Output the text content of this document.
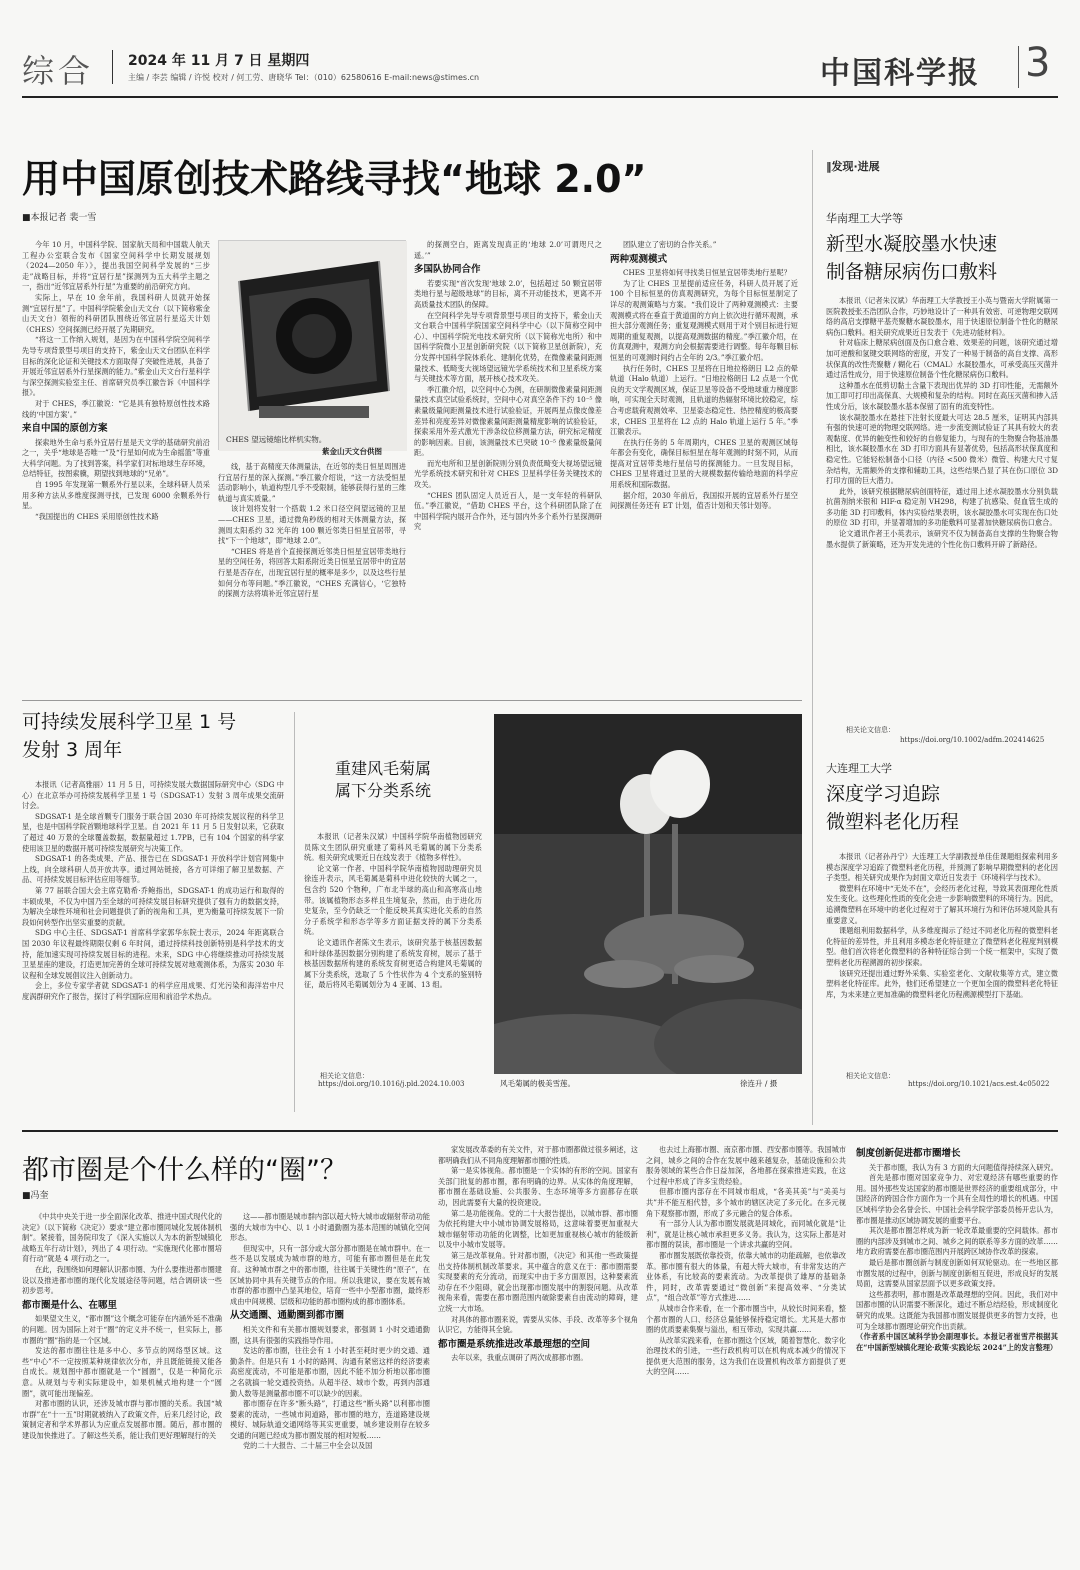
综合 2024 年 11 月 7 日 星期四
主编 / 李芸 编辑 / 许悦 校对 / 何工劳、唐晓华 Tel：（010）62580616 E-mail:news@stimes.cn	中国科学报 3
用中国原创技术路线寻找“地球 2.0”
■本报记者 裴一雪

今年 10 月，中国科学院、国家航天局和中国载人航天工程办公室联合发布《国家空间科学中长期发展规划（2024—2050 年）》，提出我国空间科学发展的“三步走”战略目标，并将“宜居行星”探测列为五大科学主题之一，指出“近邻宜居系外行星”为重要的前沿研究方向。

实际上，早在 10 余年前，我国科研人员就开始探测“宜居行星”了。中国科学院紫金山天文台（以下简称紫金山天文台）领衔的科研团队围绕近邻宜居行星巡天计划（CHES）空间探测已经开展了先期研究。

“将这一工作纳入规划，是因为在中国科学院空间科学先导专项背景型号项目的支持下，紫金山天文台团队在科学目标的深化论证和关键技术方面取得了突破性进展，具备了开展近邻宜居系外行星探测的能力。”紫金山天文台行星科学与深空探测实验室主任、首席研究员季江徽告诉《中国科学报》。

对于 CHES，季江徽说：“它是具有独特原创性技术路线的‘中国方案’。”

来自中国的原创方案

探索地外生命与系外宜居行星是天文学的基础研究前沿之一，关乎“地球是否唯一”及“行星如何成为生命摇篮”等重大科学问题。为了找到答案，科学家们对标地球生存环境，总结特征，按图索骥，期望找到地球的“兄弟”。

自 1995 年发现第一颗系外行星以来，全球科研人员采用多种方法从多维度探测寻找，已发现 6000 余颗系外行星。

“我国提出的 CHES 采用原创性技术路

CHES 望远镜缩比样机实物。
紫金山天文台供图

线，基于高精度天体测量法，在近邻的类日恒星周围进行宜居行星的深入探测。”季江徽介绍说，“这一方法受恒星活动影响小，轨道构型几乎不受限制，能够获得行星的三维轨道与真实质量。”

该计划将发射一个搭载 1.2 米口径空间望远镜的卫星——CHES 卫星，通过微角秒级的相对天体测量方法，探测周太阳系约 32 光年的 100 颗近邻类日恒星宜居带，寻找“下一个地球”，即“地球 2.0”。

“CHES 将是首个直接探测近邻类日恒星宜居带类地行星的空间任务，将回答太阳系附近类日恒星宜居带中的宜居行星是否存在，出现宜居行星的概率是多少，以及这些行星如何分布等问题。”季江徽说，“CHES 充满信心，‘它独特的探测方法将填补近邻宜居行星

的探测空白，距离发现真正的‘地球 2.0’可谓咫尺之遥。’”

多国队协同合作

若要实现“首次发现‘地球 2.0’，包括超过 50 颗宜居带类地行星与超级地球”的目标，离不开动能技术，更离不开高质量技术团队的保障。

在空间科学先导专项背景型号项目的支持下，紫金山天文台联合中国科学院国家空间科学中心（以下简称空间中心）、中国科学院光电技术研究所（以下简称光电所）和中国科学院微小卫星创新研究院（以下简称卫星创新院），充分发挥中国科学院体系化、建制化优势，在微像素量间距测量技术、低畸变大视场望远镜光学系统技术和卫星系统方案与关键技术等方面，展开核心技术攻关。

季江徽介绍，以空间中心为例，在研制微像素量间距测量技术真空试验系统时，空间中心对真空条件下约 10⁻⁵ 像素量级量间距测量技术进行试验验证，开展两星点像皮像差差异和亮度差异对微像素量间距测量精度影响的试验验证，探索采用外差式激光干涉条纹位移测量方法，研究标定精度的影响因素。目前，该测量技术已突破 10⁻⁵ 像素量级量间距。

而光电所和卫星创新院则分别负责低畸变大视场望远镜光学系统技术研究和针对 CHES 卫星科学任务关键技术的攻关。

“CHES 团队固定人员近百人，是一支年轻的科研队伍。”季江徽说，“借助 CHES 平台，这个科研团队除了在中国科学院内展开合作外，还与国内外多个系外行星探测研究

团队建立了密切的合作关系。”

两种观测模式

CHES 卫星将如何寻找类日恒星宜居带类地行星呢？

为了让 CHES 卫星提前适应任务，科研人员开展了近 100 个目标恒星的仿真观测研究，为每个目标恒星制定了详尽的观测策略与方案。“我们设计了两种观测模式：主要观测模式将在垂直于黄道面的方向上依次进行循环观测，承担大部分观测任务；重复观测模式则用于对个别目标进行短周期的重复观测，以提高观测数据的精度。”季江徽介绍，在仿真观测中，观测方向会根据需要进行调整。每年每颗目标恒星的可观测时间约占全年的 2/3。”季江徽介绍。

执行任务时，CHES 卫星将在日地拉格朗日 L2 点的晕轨道（Halo 轨道）上运行。“日地拉格朗日 L2 点是一个优良的天文学观测区域，保证卫星等设备不受地球重力梯度影响，可实现全天时观测，且轨道的热辐射环境比较稳定，综合考虑载荷观测效率、卫星姿态稳定性、热控精度的极高要求，CHES 卫星将在 L2 点的 Halo 轨道上运行 5 年。”季江徽表示。

在执行任务的 5 年周期内，CHES 卫星的观测区域每年都会有变化，确保目标恒星在每年观测的时刻不同，从而提高对宜居带类地行星信号的探测能力。一旦发现目标，CHES 卫星将通过卫星的大规模数据传输给地面的科学应用系统和国际数据。

据介绍，2030 年前后，我国拟开展的宜居系外行星空间探测任务还有 ET 计划，值否计划和天邻计划等。

‖发现·进展
华南理工大学等
新型水凝胶墨水快速
制备糖尿病伤口敷料

本报讯（记者朱汉斌）华南理工大学教授王小英与暨南大学附属第一医院教授张丕浩团队合作，巧妙地设计了一种具有效密、可逆物理交联网络的高启支撑糖平基壳聚糖水凝胶墨水，用于快速原位制备个性化的糖尿病伤口敷料。相关研究成果近日发表于《先进功能材料》。

针对临床上糖尿病创面及伤口愈合难、效果差的问题，该研究通过增加可逆酸和氢键交联网络的密度，开发了一种易于制备的高自支撑、高形状保真的改性壳聚糖 / 糊化石（CMAL）水凝胶墨水，可承受高压灭菌并通过活性成分，用于快速原位制备个性化糖尿病伤口敷料。

这种墨水在低剪切黏土含量下表现出优异的 3D 打印性能，无需额外加工即可打印出高保真、大规模和复杂的结构。同时在高压灭菌和掺入活性成分后，该水凝胶墨水基本保留了固有的流变特性。

该水凝胶墨水在悬挂下注射长度最大可达 28.5 厘米，证明其内部具有强的快速可逆的物理交联网络。进一步流变测试验证了其具有较大的表观黏度、优异的触变性和较好的自修复能力，与现有的生物聚合物基油墨相比，该水凝胶墨水在 3D 打印方面具有显著优势，包括高形状保真度和稳定性。它能轻松制备小口径（内径 <500 微米）微管、构建大尺寸复杂结构，无需额外的支撑和辅助工具，这些结果凸显了其在伤口原位 3D 打印方面的巨大潜力。

此外，该研究根据糖尿病创面特征，通过用上述水凝胶墨水分别负载抗菌剂纳米银和 HIF-α 稳定剂 VH298，构建了抗感染、促血管生成的多功能 3D 打印敷料，体内实验结果表明，该水凝胶墨水可实现在伤口处的原位 3D 打印，并显著增加的多功能敷料可显著加快糖尿病伤口愈合。

论文通讯作者王小英表示，该研究不仅为制备高自支撑的生物聚合物墨水提供了新策略，还为开发先进的个性化伤口敷料开辟了新路径。

相关论文信息：
https://doi.org/10.1002/adfm.202414625
大连理工大学
深度学习追踪
微塑料老化历程

本报讯（记者孙丹宁）大连理工大学副教授单佳佳课题组探索利用多模态深度学习追踪了微塑料老化历程，并预测了影响早期微塑料的老化因子类型。相关研究成果作为封面文章近日发表于《环境科学与技术》。

微塑料在环境中“无处不在”，会经历老化过程，导致其表面理化性质发生变化。这些理化性质的变化会进一步影响微塑料的环境行为。因此，追溯微塑料在环境中的老化过程对于了解其环境行为和评估环境风险具有重要意义。

课题组利用数据科学，从多维度揭示了经过不同老化历程的微塑料老化特征的差异性，并且利用多模态老化特征建立了微塑料老化程度判别模型。他们首次将老化微塑料的各种特征综合到一个统一框架中，实现了微塑料老化历程溯源的初步探索。

该研究还提出通过野外采集、实验室老化、文献收集等方式，建立微塑料老化特征库。此外，他们还希望建立一个更加全面的微塑料老化特征库，为未来建立更加准确的微塑料老化历程溯源模型打下基础。

相关论文信息：
https://doi.org/10.1021/acs.est.4c05022
可持续发展科学卫星 1 号
发射 3 周年

本报讯（记者高雅丽）11 月 5 日，可持续发展大数据国际研究中心（SDG 中心）在北京举办可持续发展科学卫星 1 号（SDGSAT-1）发射 3 周年成果交流研讨会。

SDGSAT-1 是全球首颗专门服务于联合国 2030 年可持续发展议程的科学卫星，也是中国科学院首颗地球科学卫星。自 2021 年 11 月 5 日发射以来，它获取了超过 40 万景的全球覆盖数据，数据量超过 1.7PB，已有 104 个国家的科学家使用该卫星的数据开展可持续发展研究与决策工作。

SDGSAT-1 的各类成果、产品、报告已在 SDGSAT-1 开放科学计划官网集中上线，向全球科研人员开放共享。通过网站链接，各方可详细了解卫星数据、产品、可持续发展目标评估应用等细节。

第 77 届联合国大会主席克勒希·乔鲍指出，SDGSAT-1 的成功运行和取得的丰硕成果，不仅为中国乃至全球的可持续发展目标研究提供了强有力的数据支持，为解决全球性环境和社会问题提供了新的视角和工具，更为衡量可持续发展下一阶段如何转型作出坚实重要的贡献。

SDG 中心主任、SDGSAT-1 首席科学家郭华东院士表示，2024 年距离联合国 2030 年议程最终期限仅剩 6 年时间，通过持续科技创新特别是科学技术的支持，能加速实现可持续发展目标的进程。未来，SDG 中心将继续推动可持续发展卫星星座的建设，打造更加完善的全球可持续发展对地观测体系，为落实 2030 年议程和全球发展倡议注入创新动力。

会上，多位专家学者就 SDGSAT-1 的科学应用成果、灯光污染和海洋岩中尺度涡群研究作了报告，探讨了科学国际应用和前沿学术热点。

重建风毛菊属
属下分类系统

本报讯（记者朱汉斌）中国科学院华南植物园研究员陈文生团队研究重建了菊科风毛菊属的属下分类系统。相关研究成果近日在线发表于《植物多样性》。

论文第一作者、中国科学院华南植物园助理研究员徐连升表示，风毛菊属是菊科中进化较快的大属之一，包含约 520 个物种，广布北半球的高山和高寒高山地带。该属植物形态多样且生境复杂，然而，由于进化历史复杂，至今仍缺乏一个能反映其真实进化关系的自然分子系统学和形态学等多方面证据支持的属下分类系统。

论文通讯作者陈文生表示，该研究基于核基因数据和叶绿体基因数据分别构建了系统发育树，展示了基于核基因数据所构建的系统发育树更适合构建风毛菊属的属下分类系统，选取了 5 个性状作为 4 个支系的鉴别特征，最后将风毛菊属划分为 4 亚属、13 组。

相关论文信息：
https://doi.org/10.1016/j.pld.2024.10.003	风毛菊属的极美雪莲。	徐连升 / 摄
都市圈是个什么样的“圈”？
■冯奎

《中共中央关于进一步全面深化改革、推进中国式现代化的决定》（以下简称《决定》）要求“建立都市圈同城化发展体制机制”。紧接着，国务院印发了《深入实施以人为本的新型城镇化战略五年行动计划》，列出了 4 项行动。“实施现代化都市圈培育行动”就是 4 项行动之一。

在此，我围绕如何理解认识都市圈、为什么要推进都市圈建设以及推进都市圈的现代化发展途径等问题，结合调研谈一些初步思考。

都市圈是什么、在哪里

如果望文生义，“都市圈”这个概念可能存在内涵外延不准确的问题。因为国际上对于“圈”的定义并不统一，但实际上，都市圈的“圈”指的是一个区域。

发达的都市圈往往是多中心、多节点的网络型区域。这些“中心”不一定按照某种规律依次分布，并且既能链接又能各自成长。规划图中都市圈就是一个“圆圈”，仅是一种简化示意。从规划与专利实际建设中，如果机械式地构建一个“圆圈”，就可能出现偏差。

对都市圈的认识，还涉及城市群与都市圈的关系。我国“城市群”在“十一五”时期就被纳入了政策文件，后来几经讨论，政策制定者和学术界都认为应重点发展都市圈。随后，都市圈的建设加快推进了。了解这些关系，能让我们更好理解现行的关

这——都市圈是城市群内部以超大特大城市或辐射带动功能强的大城市为中心、以 1 小时通勤圈为基本范围的城镇化空间形态。

但现实中，只有一部分或大部分都市圈是在城市群中。在一些不是以发展成为城市群的地方，可能有都市圈但是在此发育。这种城市群之中的都市圈，往往属于关键性的“原子”，在区域协同中具有关键节点的作用。所以我建议，要在发展有城市群的都市圈中凸显其地位，培育一些中小型都市圈，最终形成由中间规模、层级和功能的都市圈构成的都市圈体系。

从交通圈、通勤圈到都市圈

相关文件和有关都市圈规划要求，都强调 1 小时交通通勤圈，这具有很强的实践指导作用。

发达的都市圈，往往会有 1 小时甚至耗时更少的交通、通勤条件。但是只有 1 小时的路网、沟通有紧密这样的经济要素高密度流动，不可能是都市圈，因此不能不加分析地以都市圈之名就搞一轮交通投资热。从超半径、城市个数，再到内部通勤人数等是测量都市圈不可以缺少的因素。

都市圈存在许多“断头路”，打通这些“断头路”以利都市圈要素的流动，一些城市间道路，都市圈的地方，连道路建设规模好、城际轨道交通网络等其实更重要，城乡建设则存在较多交通的问题已经成为都市圈发展的相对短板……

党的二十大报告、二十届三中全会以及国

家发展改革委的有关文件，对于都市圈都做过很多阐述，这都明确我们从不同角度理解都市圈的性质。

第一是实体视角。都市圈是一个实体的有形的空间。国家有关部门批复的都市圈，都有明确的边界。从实体的角度理解，都市圈在基础设施、公共服务、生态环境等多方面都存在联动，因此需要有大量的投资建设。

第二是功能视角。党的二十大报告提出，以城市群、都市圈为依托构建大中小城市协调发展格局，这意味着要更加重视大城市辐射带动功能的化调整，比如更加重视核心城市的能级新以及中小城市发展等。

第三是改革视角。针对都市圈，《决定》和其他一些政策提出支持体制机制改革要求。其中蕴含的意义在于：都市圈需要实现要素的充分流动，而现实中由于多方面原因，这种要素流动存在不少阻碍，就会出现都市圈发展中的割裂问题。从改革视角来看，需要在都市圈范围内破除要素自由流动的障碍，建立统一大市场。

对具体的都市圈来说，需要从实体、手段、改革等多个视角认识它，方能得其全貌。

都市圈是系统推进改革最理想的空间

去年以来，我重点调研了两次成都都市圈。

也去过上海都市圈、南京都市圈、西安都市圈等。我国城市之间，城乡之间的合作在发展中越来越复杂，基础设施和公共服务领域的某些合作日益加深，各地都在探索推进实践，在这个过程中形成了许多宝贵经验。

但都市圈内部存在不同城市组成，“各美其美”与“美美与共”并不能互相代替，多个城市的辖区决定了多元化。在多元视角下观察都市圈，形成了多元融合的复合体系。

有一部分人认为都市圈发展就是同城化，而同城化就是“让利”，就是让核心城市承担更多义务。我认为，这实际上都是对都市圈的误读，都市圈是一个讲求共赢的空间。

都市圈发展既依靠投资，依靠大城市的功能疏解，也依靠改革。都市圈有很大的体量，有超大特大城市，有非常发达的产业体系，有比较高的要素流动。为改革提供了雄厚的基础条件，同时，改革需要通过“微创新”来提高效率、“分类试点”，“组合改革”等方式推进……

从城市合作来看，在一个都市圈当中，从较长时间来看，整个都市圈的人口、经济总量能够保持稳定增长。尤其是大都市圈的优质要素集聚与溢出，相互带动，实现共赢……

从改革实践来看，在都市圈这个区域，随着智慧化、数字化治理技术的引进，一些行政机构可以在机构成本减少的情况下提供更大范围的服务，这为我们在设置机构改革方面提供了更大的空间……

制度创新促进都市圈增长

关于都市圈，我认为有 3 方面的大问题值得持续深入研究。

首先是都市圈对国家竞争力、对宏观经济有哪些重要的作用。国外那些发达国家的都市圈是世界经济的重要组成部分，中国经济的跨国合作方面作为一个具有全局性的增长的机遇。中国区域科学协会名誉会长、中国社会科学院学部委员杨开忠认为，都市圈是推动区域协调发展的重要平台。

其次是都市圈怎样成为新一轮改革最重要的空间载体。都市圈的内部涉及到城市之间、城乡之间的联系等多方面的改革……地方政府需要在都市圈范围内开展跨区域协作改革的探索。

最后是都市圈创新与制度创新如何双轮驱动。在一些地区都市圈发展的过程中，创新与制度创新相互促进，形成良好的发展局面，这需要从国家层面予以更多政策支持。

这些都表明，都市圈是改革最理想的空间。因此，我们对中国都市圈的认识需要不断深化，通过不断总结经验，形成制度化研究的成果。这既能为我国都市圈发展提供更多的智力支持，也可为全球都市圈理论研究作出贡献。

（作者系中国区域科学协会副理事长。本报记者崔雪芹根据其在“中国新型城镇化理论·政策·实践论坛 2024”上的发言整理）
